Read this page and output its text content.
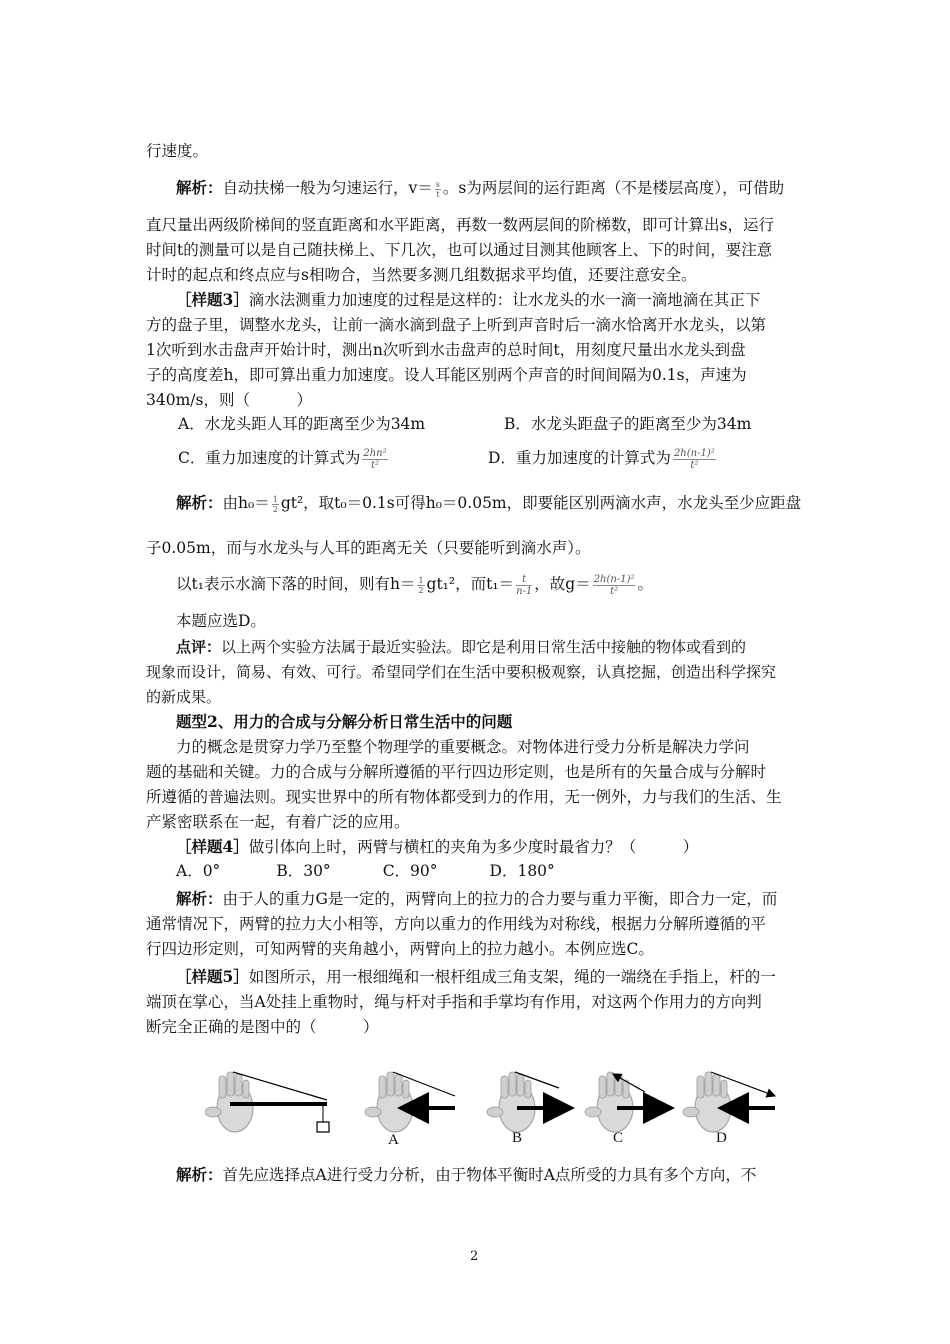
行速度。
解析：自动扶梯一般为匀速运行，$v= \frac{s}{t}$ 。s为两层间的运行距离（不是楼层高度），可借助
直尺量出两级阶梯间的竖直距离和水平距离，再数一数两层间的阶梯数，即可计算出s，运行
时间t的测量可以是自己随扶梯上、下几次，也可以通过目测其他顾客上、下的时间，要注意
计时的起点和终点应与s相吻合，当然要多测几组数据求平均值，还要注意安全。
［样题3］滴水法测重力加速度的过程是这样的：让水龙头的水一滴一滴地滴在其正下
方的盘子里，调整水龙头，让前一滴水滴到盘子上听到声音时后一滴水恰离开水龙头，以第
1次听到水击盘声开始计时，测出n次听到水击盘声的总时间t，用刻度尺量出水龙头到盘
子的高度差h，即可算出重力加速度。设人耳能区别两个声音的时间间隔为0.1s，声速为
340m/s，则（　　　）
A．水龙头距人耳的距离至少为34m	B．水龙头距盘子的距离至少为34m
C．重力加速度的计算式为 $\frac{\text{2hn²}}{\text{t²}}$	D．重力加速度的计算式为 $\frac{\text{2h(n-1)²}}{\text{t²}}$
解析：由$h_0= \frac{1}{2} gt^2$，取t₀＝0.1s可得h₀＝0.05m，即要能区别两滴水声，水龙头至少应距盘
子0.05m，而与水龙头与人耳的距离无关（只要能听到滴水声）。
以t₁表示水滴下落的时间，则有$h= \frac{1}{2} gt_1^2$，而$t_1= \frac{t}{n-1}$ ，故$g= \frac{\text{2h(n-1)²}}{\text{t²}}$ 。
本题应选D。
点评：以上两个实验方法属于最近实验法。即它是利用日常生活中接触的物体或看到的
现象而设计，简易、有效、可行。希望同学们在生活中要积极观察，认真挖掘，创造出科学探究
的新成果。
题型2、用力的合成与分解分析日常生活中的问题
力的概念是贯穿力学乃至整个物理学的重要概念。对物体进行受力分析是解决力学问
题的基础和关键。力的合成与分解所遵循的平行四边形定则，也是所有的矢量合成与分解时
所遵循的普遍法则。现实世界中的所有物体都受到力的作用，无一例外，力与我们的生活、生
产紧密联系在一起，有着广泛的应用。
［样题4］做引体向上时，两臂与横杠的夹角为多少度时最省力？（　　　）
A．0°	B．30°	C．90°	D．180°
解析：由于人的重力G是一定的，两臂向上的拉力的合力要与重力平衡，即合力一定，而
通常情况下，两臂的拉力大小相等，方向以重力的作用线为对称线，根据力分解所遵循的平
行四边形定则，可知两臂的夹角越小，两臂向上的拉力越小。本例应选C。
［样题5］如图所示，用一根细绳和一根杆组成三角支架，绳的一端绕在手指上，杆的一
端顶在掌心，当A处挂上重物时，绳与杆对手指和手掌均有作用，对这两个作用力的方向判
断完全正确的是图中的（　　　）
A	B	C	D
解析：首先应选择点A进行受力分析，由于物体平衡时A点所受的力具有多个方向，不
2
